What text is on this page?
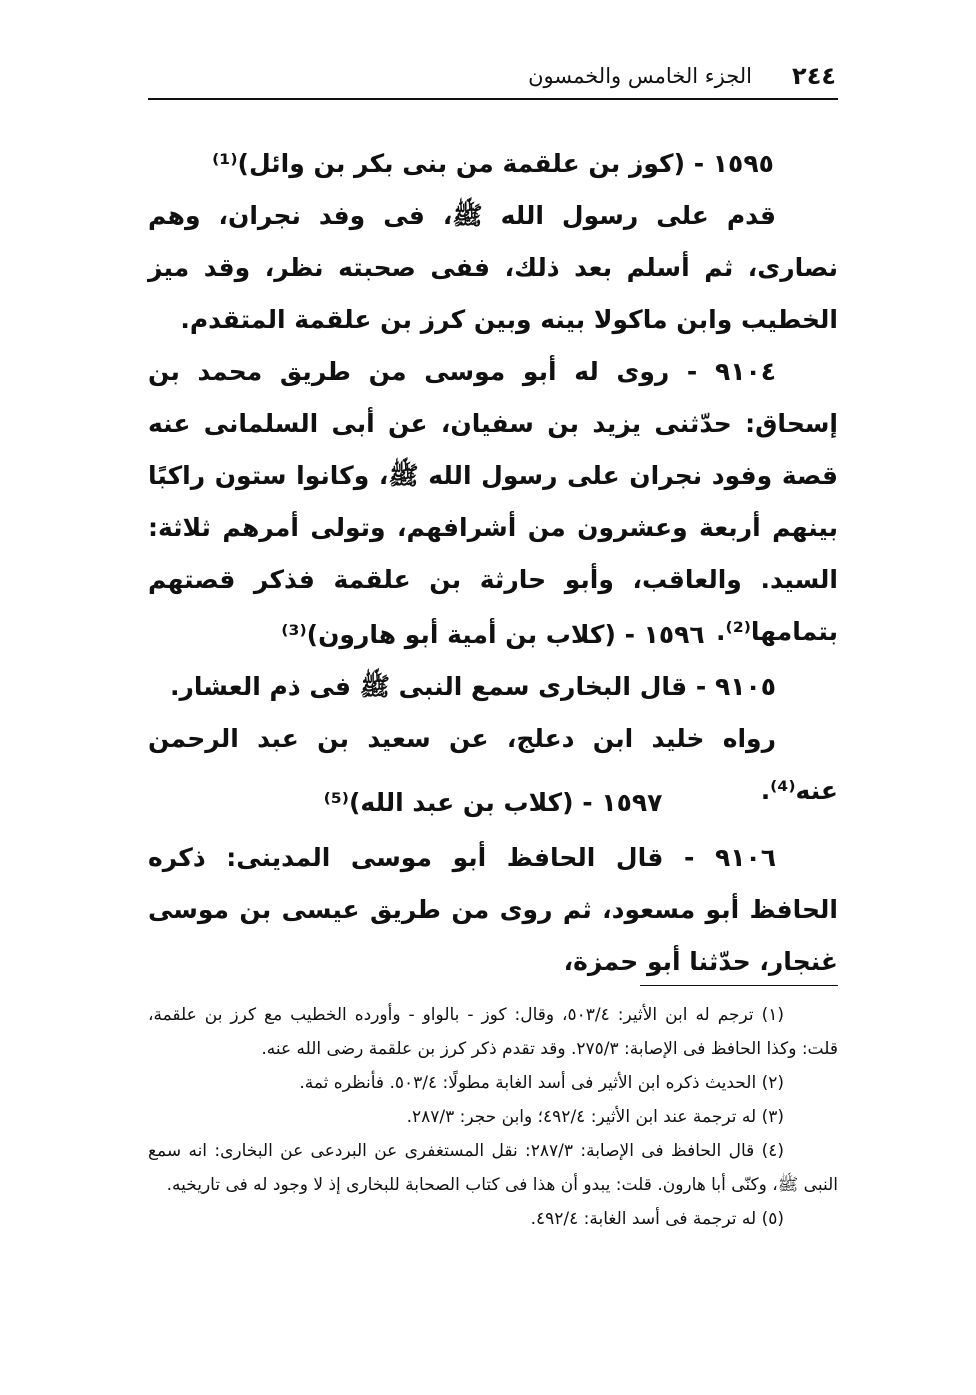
٢٤٤
الجزء الخامس والخمسون
١٥٩٥ - (كوز بن علقمة من بنى بكر بن وائل)⁽¹⁾
قدم على رسول الله ﷺ، فى وفد نجران، وهم نصارى، ثم أسلم بعد ذلك، ففى صحبته نظر، وقد ميز الخطيب وابن ماكولا بينه وبين كرز بن علقمة المتقدم.
٩١٠٤ - روى له أبو موسى من طريق محمد بن إسحاق: حدّثنى يزيد بن سفيان، عن أبى السلمانى عنه قصة وفود نجران على رسول الله ﷺ، وكانوا ستون راكبًا بينهم أربعة وعشرون من أشرافهم، وتولى أمرهم ثلاثة: السيد. والعاقب، وأبو حارثة بن علقمة فذكر قصتهم بتمامها⁽²⁾.
١٥٩٦ - (كلاب بن أمية أبو هارون)⁽³⁾
٩١٠٥ - قال البخارى سمع النبى ﷺ فى ذم العشار.
رواه خليد ابن دعلج، عن سعيد بن عبد الرحمن عنه⁽⁴⁾.
١٥٩٧ - (كلاب بن عبد الله)⁽⁵⁾
٩١٠٦ - قال الحافظ أبو موسى المدينى: ذكره الحافظ أبو مسعود، ثم روى من طريق عيسى بن موسى غنجار، حدّثنا أبو حمزة،
(١) ترجم له ابن الأثير: ٥٠٣/٤، وقال: كوز - بالواو - وأورده الخطيب مع كرز بن علقمة، قلت: وكذا الحافظ فى الإصابة: ٢٧٥/٣. وقد تقدم ذكر كرز بن علقمة رضى الله عنه.
(٢) الحديث ذكره ابن الأثير فى أسد الغابة مطولًا: ٥٠٣/٤. فأنظره ثمة.
(٣) له ترجمة عند ابن الأثير: ٤٩٢/٤؛ وابن حجر: ٢٨٧/٣.
(٤) قال الحافظ فى الإصابة: ٢٨٧/٣: نقل المستغفرى عن البردعى عن البخارى: انه سمع النبى ﷺ، وكنّى أبا هارون. قلت: يبدو أن هذا فى كتاب الصحابة للبخارى إذ لا وجود له فى تاريخيه.
(٥) له ترجمة فى أسد الغابة: ٤٩٢/٤.
